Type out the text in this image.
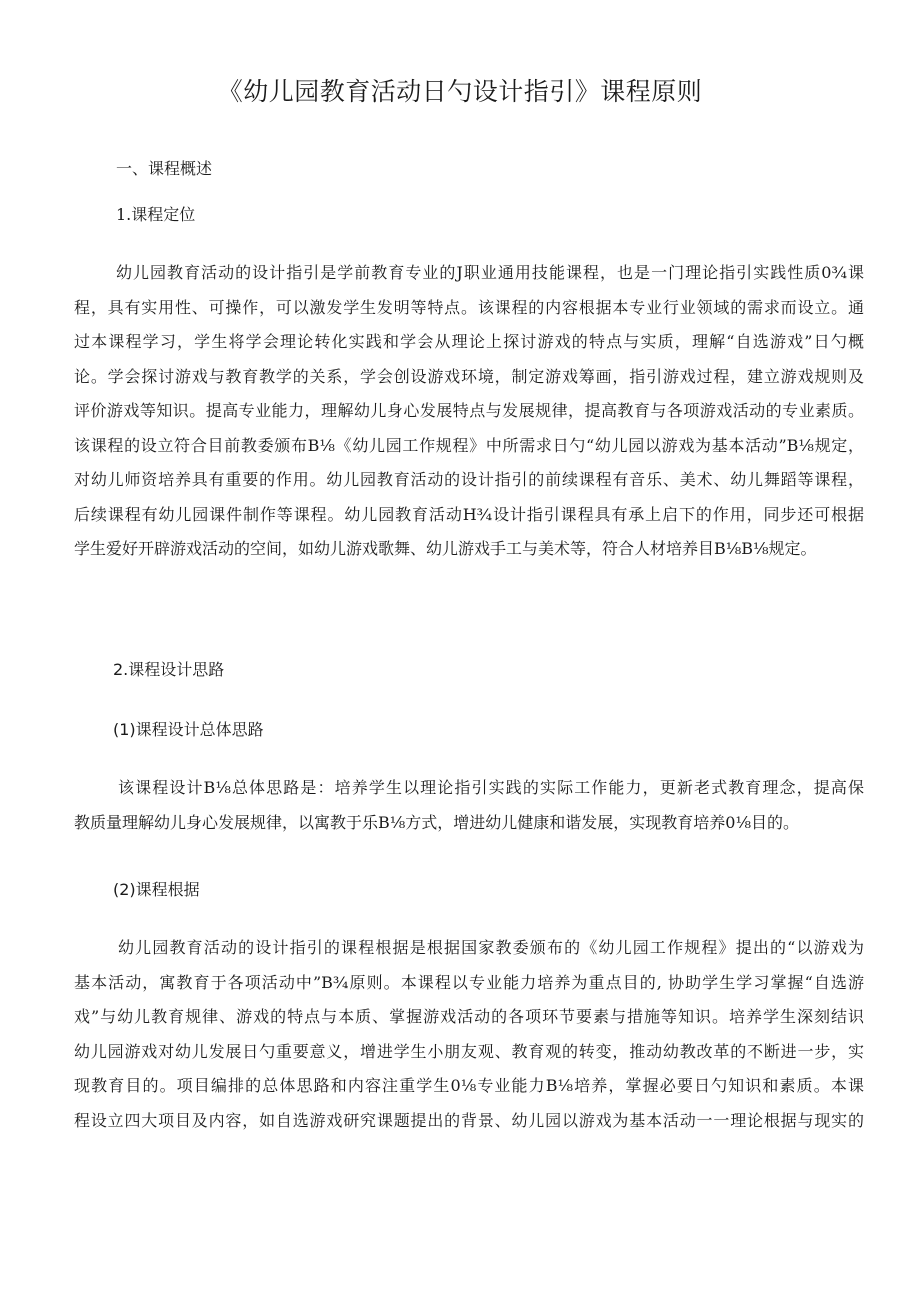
《幼儿园教育活动日勺设计指引》课程原则

一、课程概述

1.课程定位

幼儿园教育活动的设计指引是学前教育专业的J职业通用技能课程，也是一门理论指引实践性质0¾课
程，具有实用性、可操作，可以激发学生发明等特点。该课程的内容根据本专业行业领域的需求而设立。通
过本课程学习，学生将学会理论转化实践和学会从理论上探讨游戏的特点与实质，理解“自选游戏”日勺概
论。学会探讨游戏与教育教学的关系，学会创设游戏环境，制定游戏筹画，指引游戏过程，建立游戏规则及
评价游戏等知识。提高专业能力，理解幼儿身心发展特点与发展规律，提高教育与各项游戏活动的专业素质。
该课程的设立符合目前教委颁布B⅛《幼儿园工作规程》中所需求日勺“幼儿园以游戏为基本活动”B⅛规定，
对幼儿师资培养具有重要的作用。幼儿园教育活动的设计指引的前续课程有音乐、美术、幼儿舞蹈等课程，
后续课程有幼儿园课件制作等课程。幼儿园教育活动H¾设计指引课程具有承上启下的作用，同步还可根据
学生爱好开辟游戏活动的空间，如幼儿游戏歌舞、幼儿游戏手工与美术等，符合人材培养目B⅛B⅛规定。

2.课程设计思路

(1)课程设计总体思路

该课程设计B⅛总体思路是：培养学生以理论指引实践的实际工作能力，更新老式教育理念，提高保
教质量理解幼儿身心发展规律，以寓教于乐B⅛方式，增进幼儿健康和谐发展，实现教育培养0⅛目的。

(2)课程根据

幼儿园教育活动的设计指引的课程根据是根据国家教委颁布的《幼儿园工作规程》提出的“以游戏为
基本活动，寓教育于各项活动中”B¾原则。本课程以专业能力培养为重点目的, 协助学生学习掌握“自选游
戏”与幼儿教育规律、游戏的特点与本质、掌握游戏活动的各项环节要素与措施等知识。培养学生深刻结识
幼儿园游戏对幼儿发展日勺重要意义，增进学生小朋友观、教育观的转变，推动幼教改革的不断进一步，实
现教育目的。项目编排的总体思路和内容注重学生0⅛专业能力B⅛培养，掌握必要日勺知识和素质。本课
程设立四大项目及内容，如自选游戏研究课题提出的背景、幼儿园以游戏为基本活动一一理论根据与现实的
